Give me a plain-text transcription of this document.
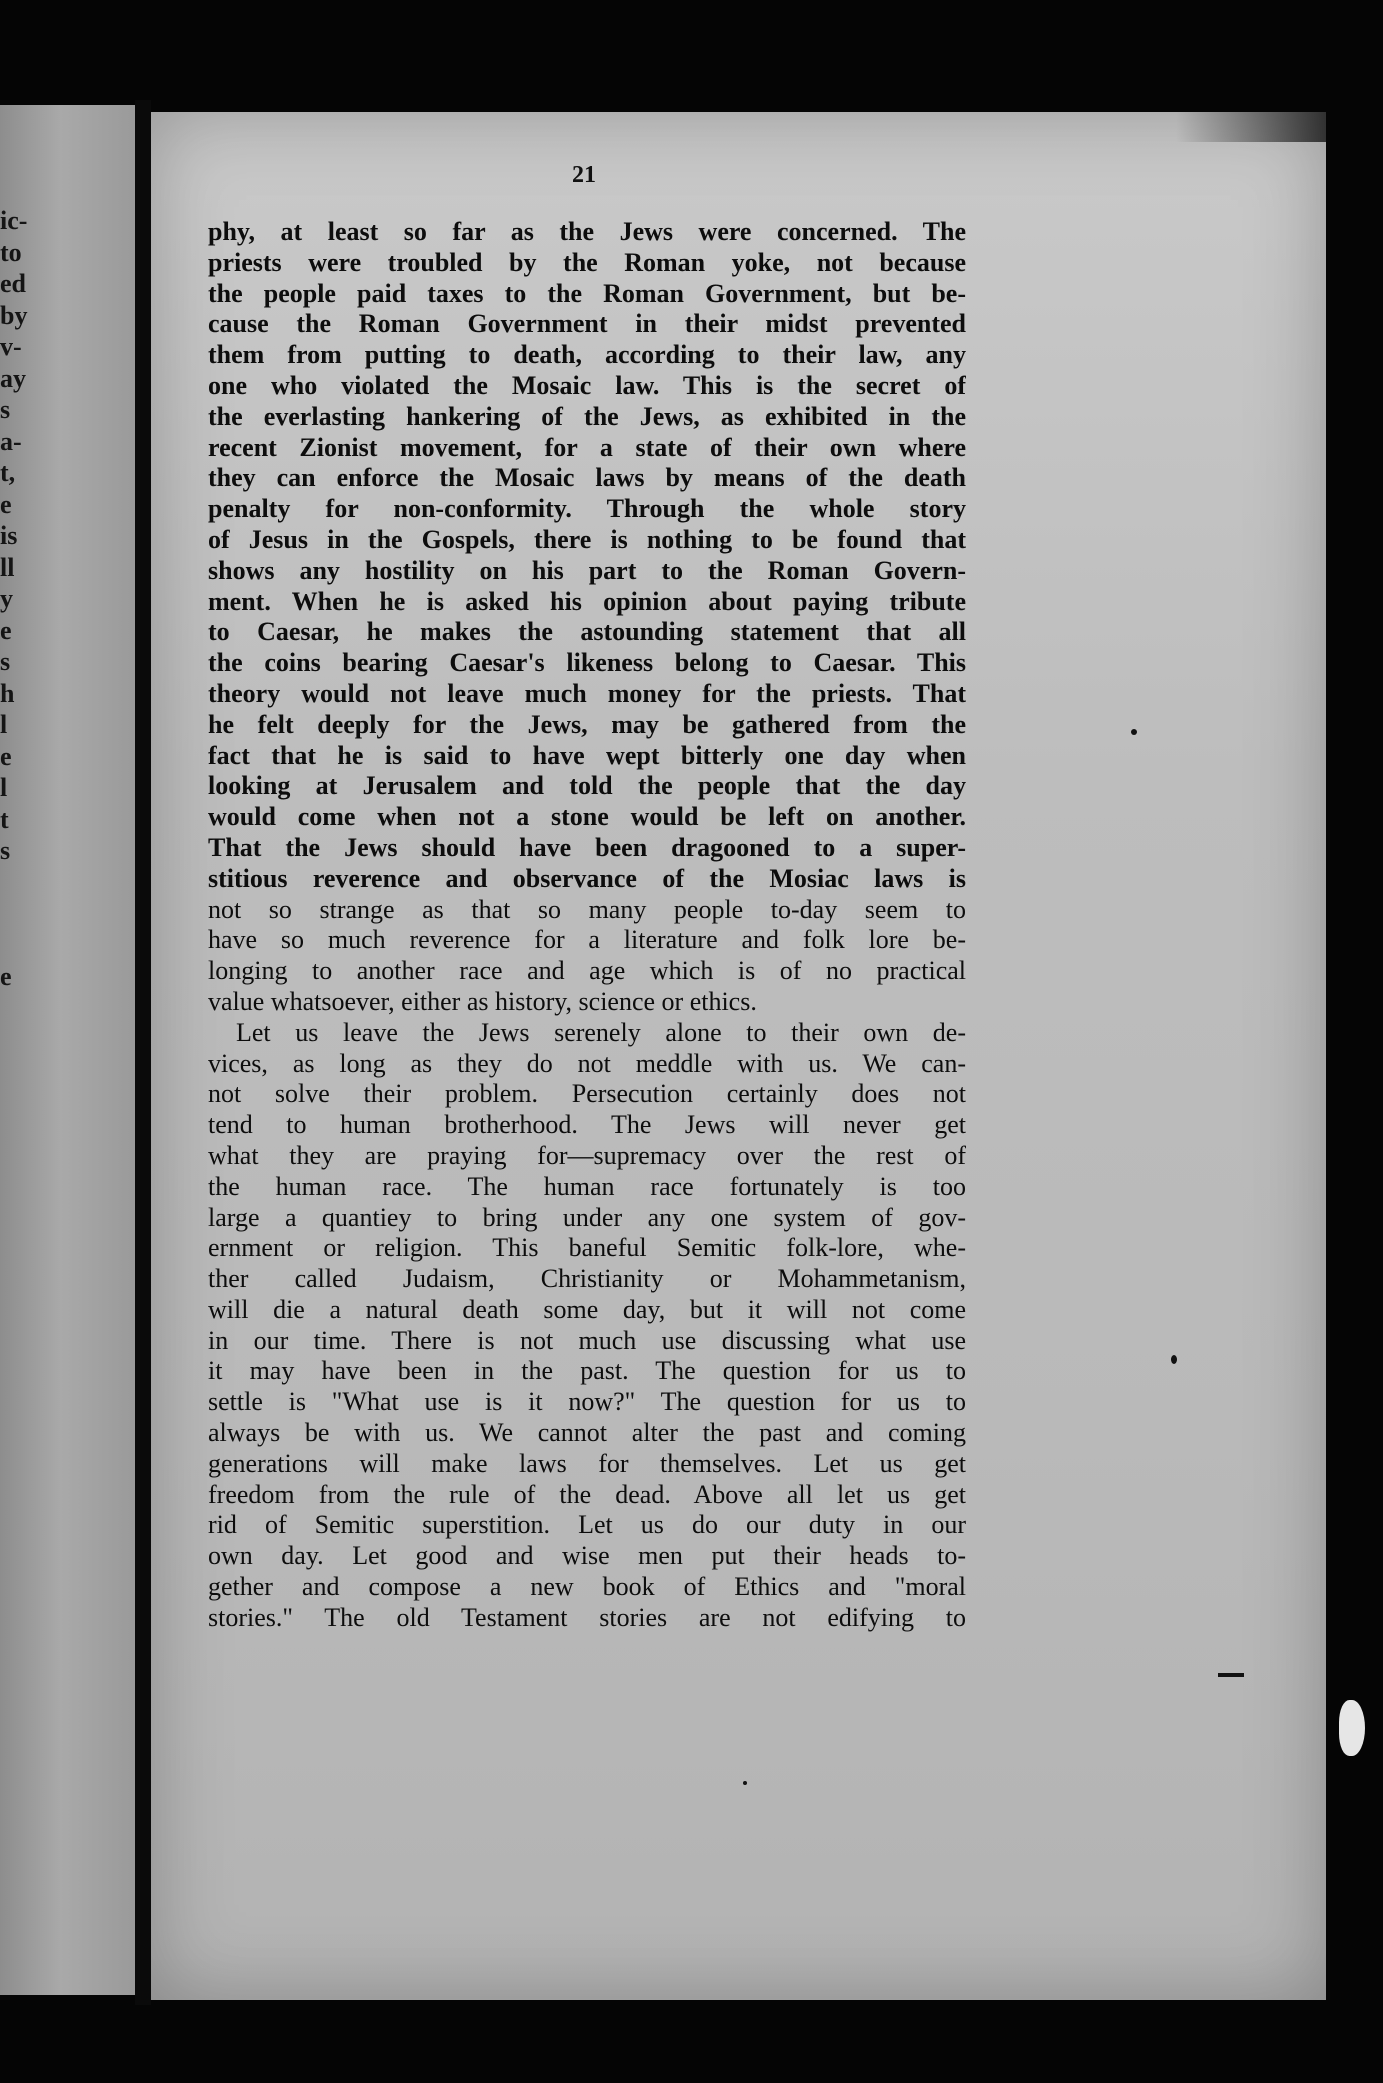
ic-
to
ed
by
v-
ay
s
a-
t,
e
is
ll
y
e
s
h
l
e
l
t
s
e
21
phy, at least so far as the Jews were concerned. The
priests were troubled by the Roman yoke, not because
the people paid taxes to the Roman Government, but be-
cause the Roman Government in their midst prevented
them from putting to death, according to their law, any
one who violated the Mosaic law. This is the secret of
the everlasting hankering of the Jews, as exhibited in the
recent Zionist movement, for a state of their own where
they can enforce the Mosaic laws by means of the death
penalty for non-conformity. Through the whole story
of Jesus in the Gospels, there is nothing to be found that
shows any hostility on his part to the Roman Govern-
ment. When he is asked his opinion about paying tribute
to Caesar, he makes the astounding statement that all
the coins bearing Caesar's likeness belong to Caesar. This
theory would not leave much money for the priests. That
he felt deeply for the Jews, may be gathered from the
fact that he is said to have wept bitterly one day when
looking at Jerusalem and told the people that the day
would come when not a stone would be left on another.
That the Jews should have been dragooned to a super-
stitious reverence and observance of the Mosiac laws is
not so strange as that so many people to-day seem to
have so much reverence for a literature and folk lore be-
longing to another race and age which is of no practical
value whatsoever, either as history, science or ethics.
Let us leave the Jews serenely alone to their own de-
vices, as long as they do not meddle with us. We can-
not solve their problem. Persecution certainly does not
tend to human brotherhood. The Jews will never get
what they are praying for—supremacy over the rest of
the human race. The human race fortunately is too
large a quantiey to bring under any one system of gov-
ernment or religion. This baneful Semitic folk-lore, whe-
ther called Judaism, Christianity or Mohammetanism,
will die a natural death some day, but it will not come
in our time. There is not much use discussing what use
it may have been in the past. The question for us to
settle is "What use is it now?" The question for us to
always be with us. We cannot alter the past and coming
generations will make laws for themselves. Let us get
freedom from the rule of the dead. Above all let us get
rid of Semitic superstition. Let us do our duty in our
own day. Let good and wise men put their heads to-
gether and compose a new book of Ethics and "moral
stories." The old Testament stories are not edifying to
